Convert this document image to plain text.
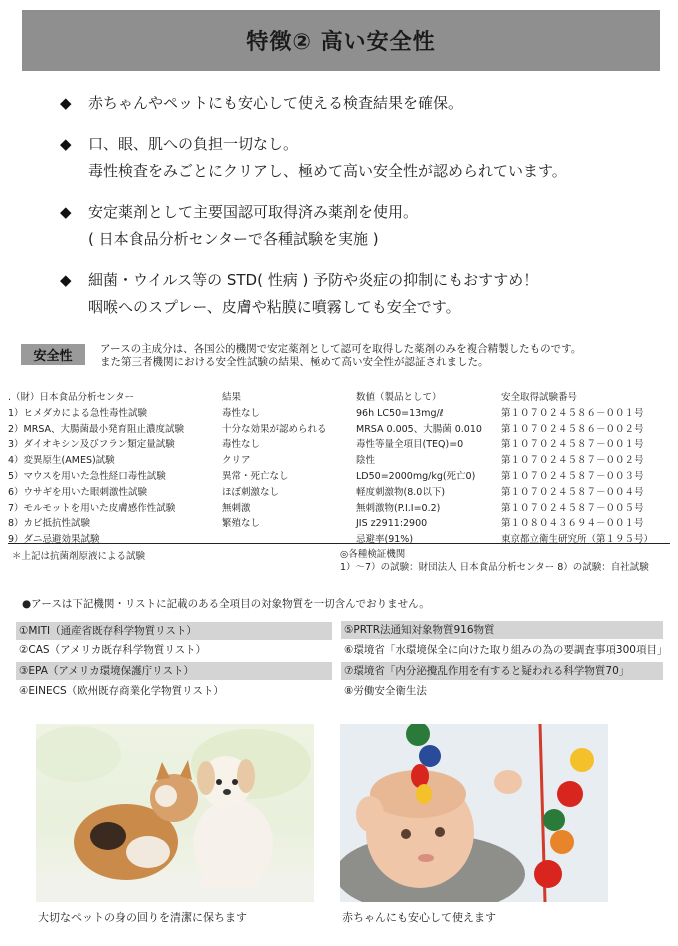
特徴② 高い安全性
◆	赤ちゃんやペットにも安心して使える検査結果を確保。
◆	口、眼、肌への負担一切なし。
毒性検査をみごとにクリアし、極めて高い安全性が認められています。
◆	安定薬剤として主要国認可取得済み薬剤を使用。
( 日本食品分析センターで各種試験を実施 )
◆	細菌・ウイルス等の STD( 性病 ) 予防や炎症の抑制にもおすすめ！
咽喉へのスプレー、皮膚や粘膜に噴霧しても安全です。
安全性	アースの主成分は、各国公的機関で安定薬剤として認可を取得した薬剤のみを複合精製したものです。
また第三者機関における安全性試験の結果、極めて高い安全性が認証されました。
.（財）日本食品分析センター	結果	数値（製品として）	安全取得試験番号
1）ヒメダカによる急性毒性試験	毒性なし	96h LC50=13mg/ℓ	第１０７０２４５８６－００１号
2）MRSA、大腸菌最小発育阻止濃度試験	十分な効果が認められる	MRSA 0.005、大腸菌 0.010 第１０７０２４５８６－００２号
3）ダイオキシン及びフラン類定量試験	毒性なし	毒性等量全項目(TEQ)=0	第１０７０２４５８７－００１号
4）変異原生(AMES)試験	クリア	陰性	第１０７０２４５８７－００２号
5）マウスを用いた急性経口毒性試験	異常・死亡なし	LD50=2000mg/kg(死亡0)	第１０７０２４５８７－００３号
6）ウサギを用いた眼刺激性試験	ほぼ刺激なし	軽度刺激物(8.0以下)	第１０７０２４５８７－００４号
7）モルモットを用いた皮膚感作性試験	無刺激	無刺激物(P.I.I=0.2)	第１０７０２４５８７－００５号
8）カビ抵抗性試験	繁殖なし	JIS z2911:2900	第１０８０４３６９４－００１号
9）ダニ忌避効果試験	忌避率(91%)	東京都立衛生研究所（第１９５号）
＊上記は抗菌剤原液による試験	◎各種検証機関
1）～7）の試験：財団法人 日本食品分析センター 8）の試験：自社試験
●アースは下記機関・リストに記載のある全項目の対象物質を一切含んでおりません。
①MITI（通産省既存科学物質リスト）
②CAS（アメリカ既存科学物質リスト）
③EPA（アメリカ環境保護庁リスト）
④EINECS（欧州既存商業化学物質リスト）
⑤PRTR法通知対象物質916物質
⑥環境省「水環境保全に向けた取り組みの為の要調査事項300項目」
⑦環境省「内分泌攪乱作用を有すると疑われる科学物質70」
⑧労働安全衛生法
大切なペットの身の回りを清潔に保ちます	赤ちゃんにも安心して使えます
